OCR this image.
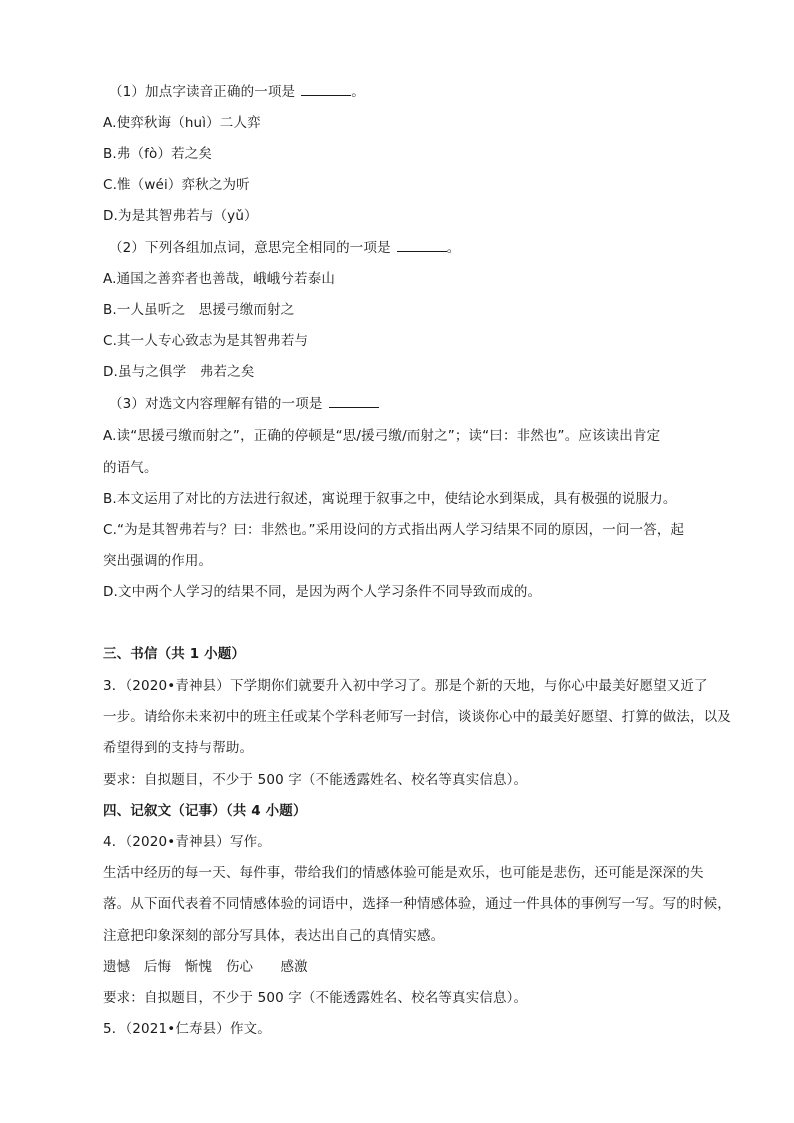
（1）加点字读音正确的一项是	。
A.使弈秋诲（huì）二人弈
B.弗（fò）若之矣
C.惟（wéi）弈秋之为听
D.为是其智弗若与（yǔ）
（2）下列各组加点词，意思完全相同的一项是	。
A.通国之善弈者也善哉，峨峨兮若泰山
B.一人虽听之　思援弓缴而射之
C.其一人专心致志为是其智弗若与
D.虽与之俱学　弗若之矣
（3）对选文内容理解有错的一项是
A.读“思援弓缴而射之”，正确的停顿是“思/援弓缴/而射之”；读“曰：非然也”。应该读出肯定
的语气。
B.本文运用了对比的方法进行叙述，寓说理于叙事之中，使结论水到渠成，具有极强的说服力。
C.“为是其智弗若与？曰：非然也。”采用设问的方式指出两人学习结果不同的原因，一问一答，起
突出强调的作用。
D.文中两个人学习的结果不同，是因为两个人学习条件不同导致而成的。
三、书信（共 1 小题）
3．（2020•青神县）下学期你们就要升入初中学习了。那是个新的天地，与你心中最美好愿望又近了
一步。请给你未来初中的班主任或某个学科老师写一封信，谈谈你心中的最美好愿望、打算的做法，以及
希望得到的支持与帮助。
要求：自拟题目，不少于 500 字（不能透露姓名、校名等真实信息）。
四、记叙文（记事）（共 4 小题）
4．（2020•青神县）写作。
生活中经历的每一天、每件事，带给我们的情感体验可能是欢乐，也可能是悲伤，还可能是深深的失
落。从下面代表着不同情感体验的词语中，选择一种情感体验，通过一件具体的事例写一写。写的时候，
注意把印象深刻的部分写具体，表达出自己的真情实感。
遗憾　后悔　惭愧　伤心　　感激
要求：自拟题目，不少于 500 字（不能透露姓名、校名等真实信息）。
5．（2021•仁寿县）作文。
